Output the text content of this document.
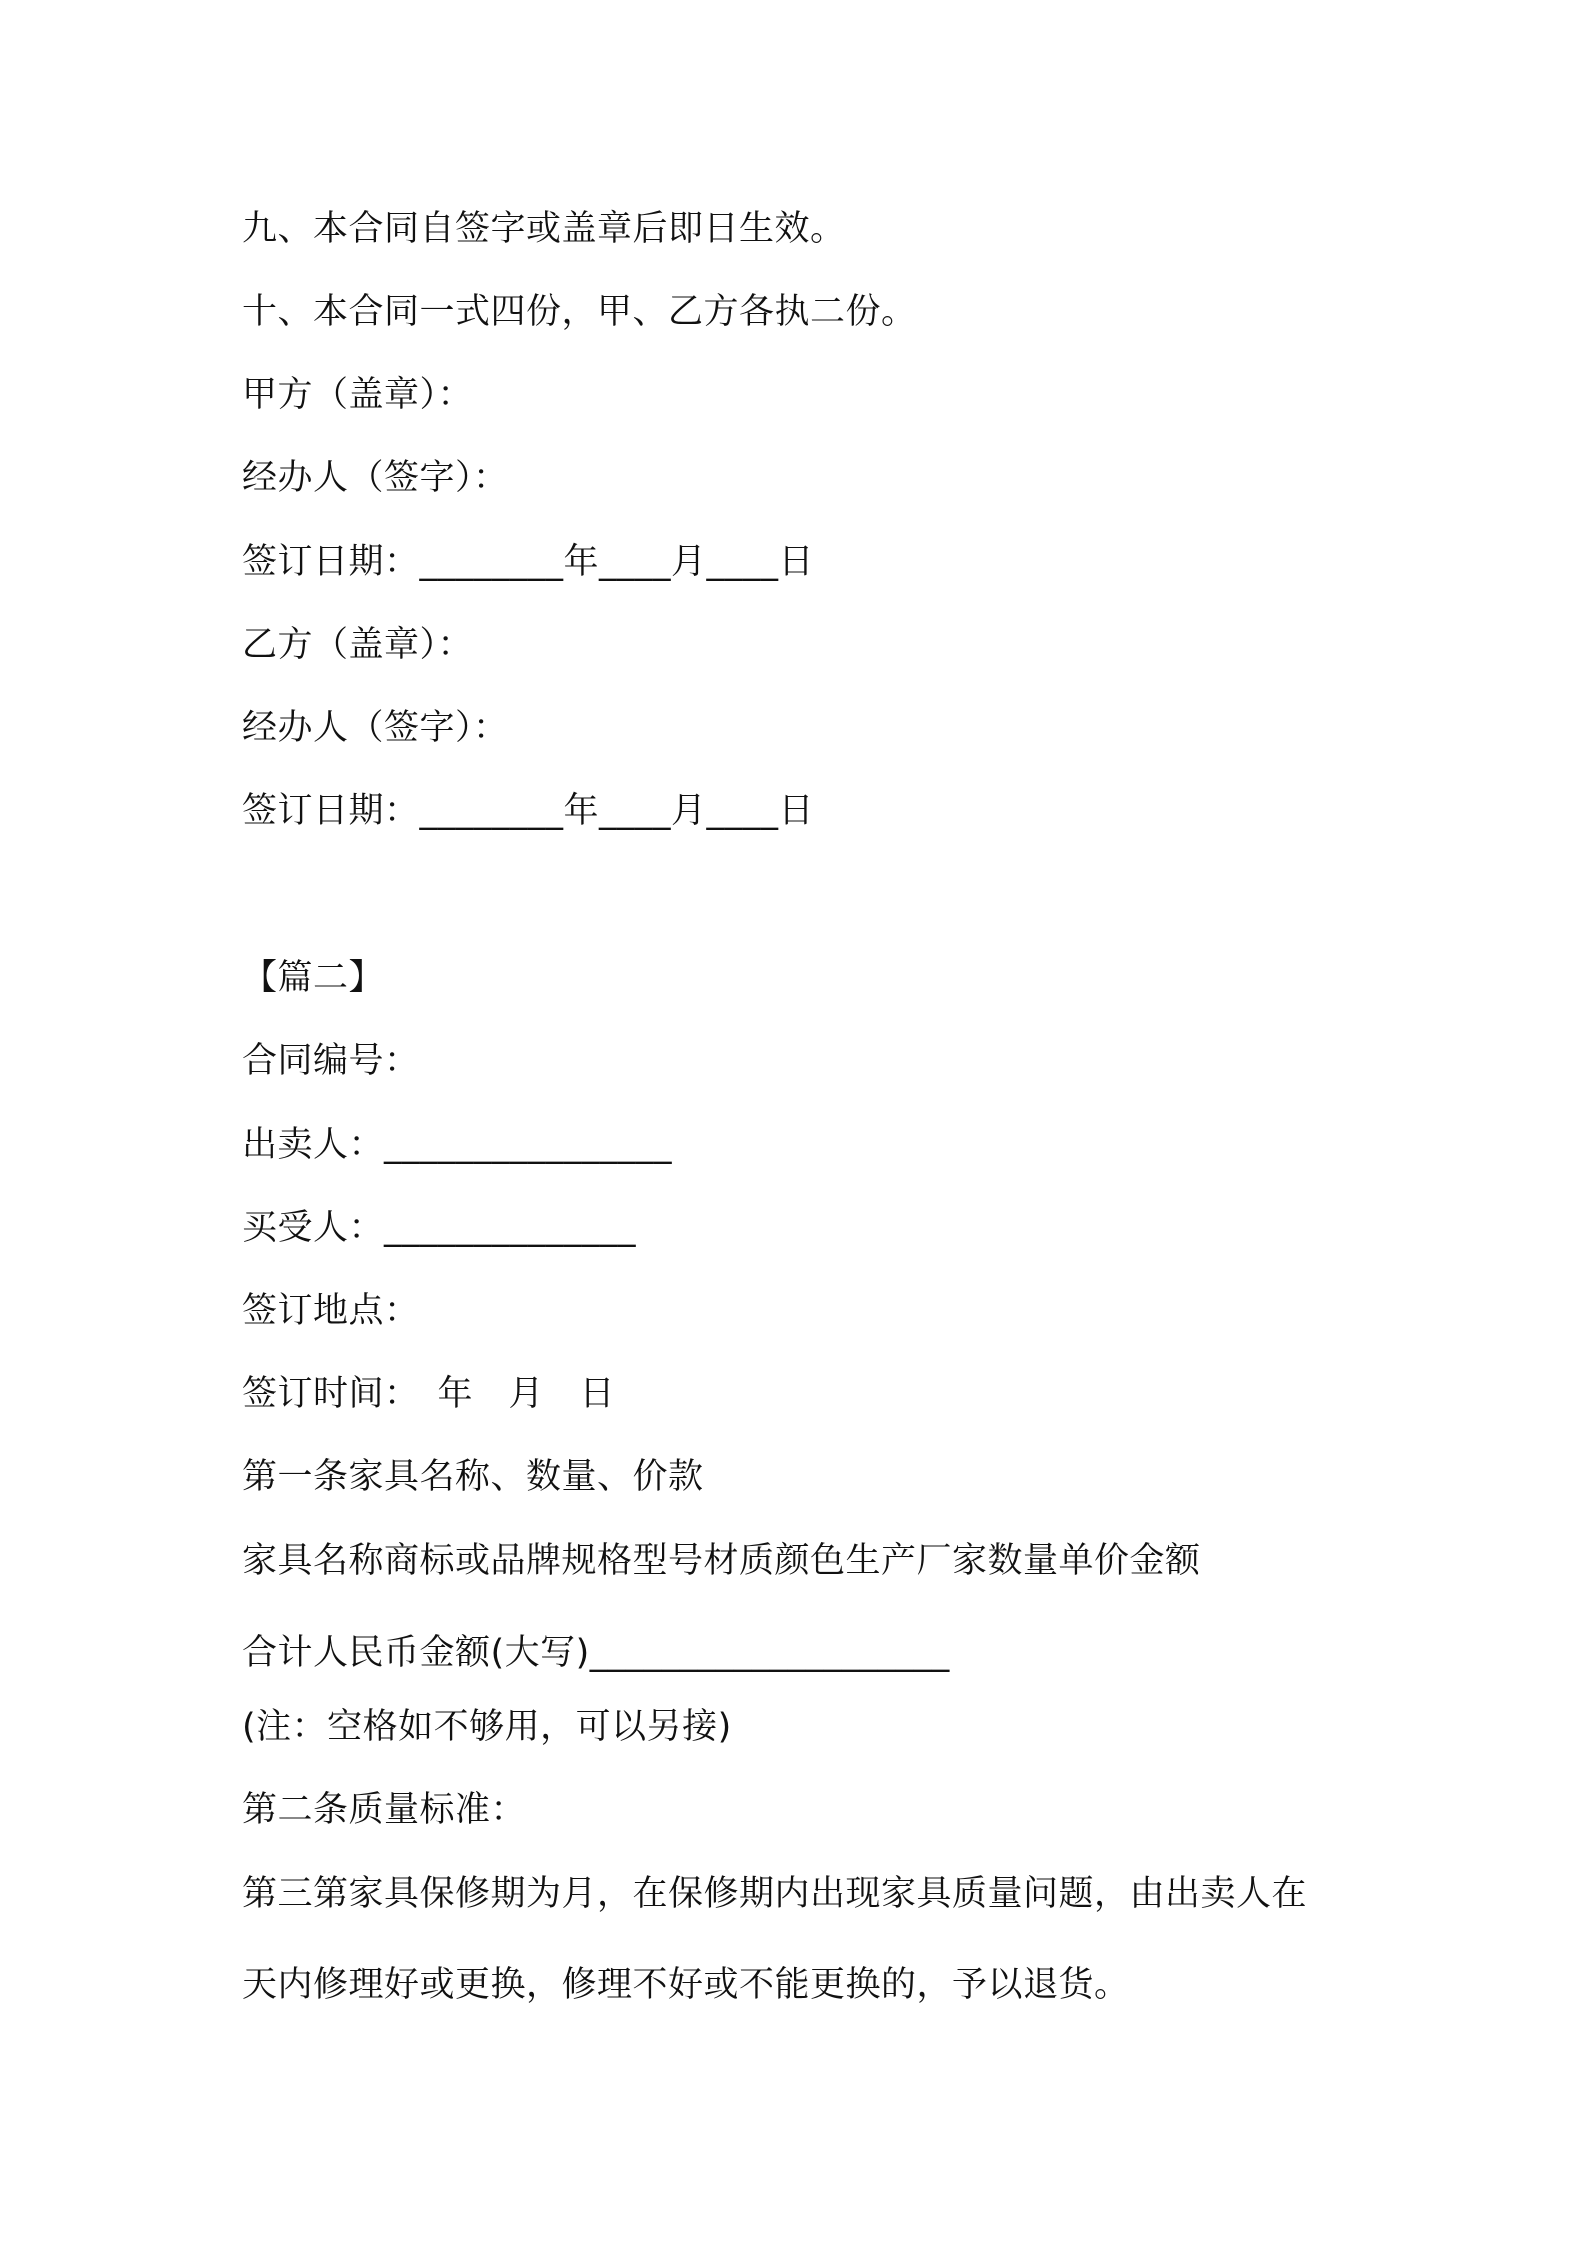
九、本合同自签字或盖章后即日生效。
十、本合同一式四份，甲、乙方各执二份。
甲方（盖章）：
经办人（签字）：
签订日期：________年____月____日
乙方（盖章）：
经办人（签字）：
签订日期：________年____月____日
【篇二】
合同编号：
出卖人：________________
买受人：______________
签订地点：
签订时间：　年　月　日
第一条家具名称、数量、价款
家具名称商标或品牌规格型号材质颜色生产厂家数量单价金额
合计人民币金额(大写)____________________
(注：空格如不够用，可以另接)
第二条质量标准：
第三第家具保修期为月，在保修期内出现家具质量问题，由出卖人在
天内修理好或更换，修理不好或不能更换的，予以退货。
